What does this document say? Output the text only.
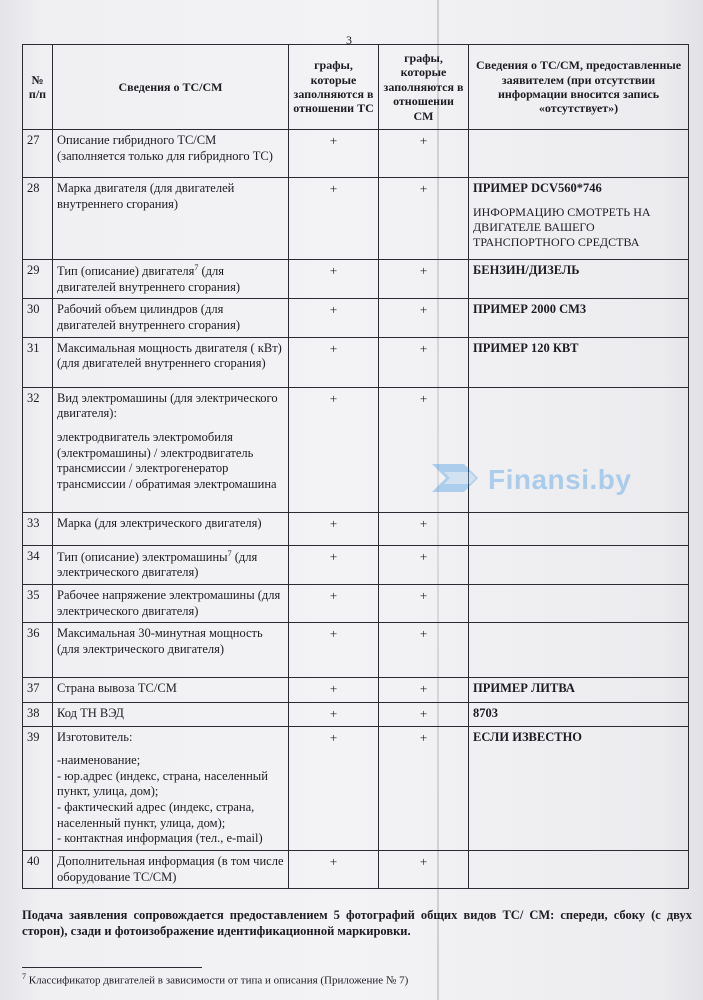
3
№ п/п	Сведения о ТС/СМ	графы, которые заполняются в отношении ТС	графы, которые заполняются в отношении СМ	Сведения о ТС/СМ, предоставленные заявителем (при отсутствии информации вносится запись «отсутствует»)
27	Описание гибридного ТС/СМ (заполняется только для гибридного ТС)	+	+	

28	Марка двигателя (для двигателей внутреннего сгорания)	+	+	ПРИМЕР DCV560*746
ИНФОРМАЦИЮ СМОТРЕТЬ НА ДВИГАТЕЛЕ ВАШЕГО ТРАНСПОРТНОГО СРЕДСТВА

29	Тип (описание) двигателя$^7$ (для двигателей внутреннего сгорания)	+	+	БЕНЗИН/ДИЗЕЛЬ

30	Рабочий объем цилиндров (для двигателей внутреннего сгорания)	+	+	ПРИМЕР 2000 СМ3

31	Максимальная мощность двигателя ( кВт) (для двигателей внутреннего сгорания)	+	+	ПРИМЕР 120 КВТ

32	Вид электромашины (для электрического двигателя):
электродвигатель электромобиля (электромашины) / электродвигатель трансмиссии / электрогенератор трансмиссии / обратимая электромашина	+	+	

33	Марка (для электрического двигателя)	+	+	

34	Тип (описание) электромашины$^7$ (для электрического двигателя)	+	+	

35	Рабочее напряжение электромашины (для электрического двигателя)	+	+	

36	Максимальная 30-минутная мощность (для электрического двигателя)	+	+	

37	Страна вывоза ТС/СМ	+	+	ПРИМЕР ЛИТВА

38	Код ТН ВЭД	+	+	8703

39	Изготовитель:
-наименование;
- юр.адрес (индекс, страна, населенный пункт, улица, дом);
- фактический адрес (индекс, страна, населенный пункт, улица, дом);
- контактная информация (тел., e-mail)	+	+	ЕСЛИ ИЗВЕСТНО

40	Дополнительная информация (в том числе оборудование ТС/СМ)	+	+	
Finansi.by
Подача заявления сопровождается предоставлением 5 фотографий общих видов ТС/ СМ: спереди, сбоку (с двух сторон), сзади и фотоизображение идентификационной маркировки.
$^7$ Классификатор двигателей в зависимости от типа и описания (Приложение № 7)
